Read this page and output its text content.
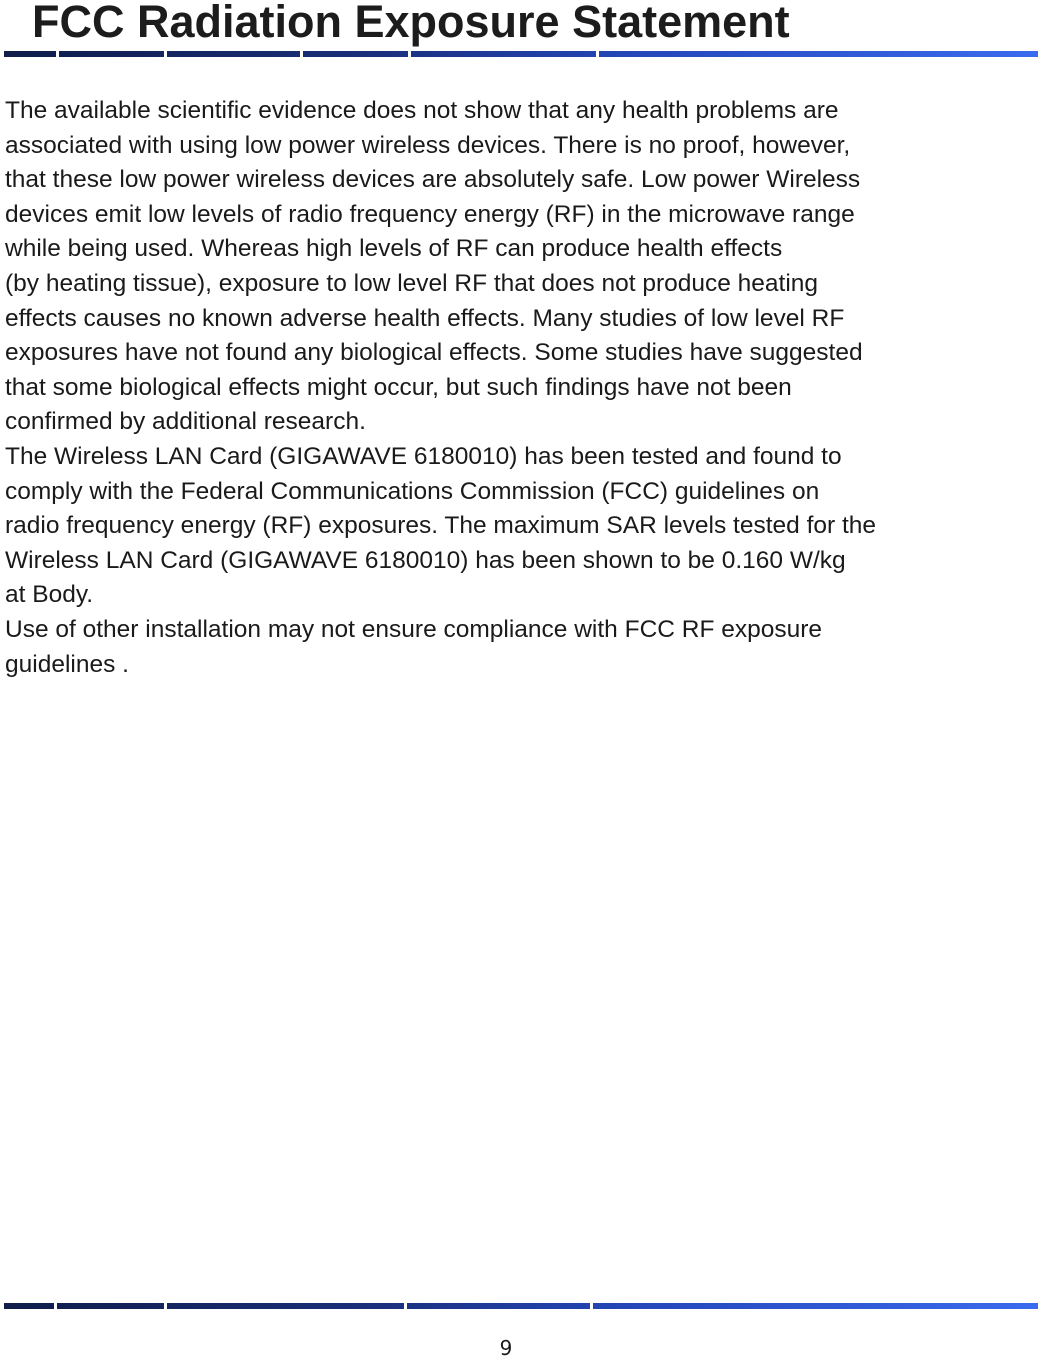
FCC Radiation Exposure Statement
The available scientific evidence does not show that any health problems are
associated with using low power wireless devices. There is no proof, however,
that these low power wireless devices are absolutely safe. Low power Wireless
devices emit low levels of radio frequency energy (RF) in the microwave range
while being used. Whereas high levels of RF can produce health effects
(by heating tissue), exposure to low level RF that does not produce heating
effects causes no known adverse health effects. Many studies of low level RF
exposures have not found any biological effects. Some studies have suggested
that some biological effects might occur, but such findings have not been
confirmed by additional research.
The Wireless LAN Card (GIGAWAVE 6180010) has been tested and found to
comply with the Federal Communications Commission (FCC) guidelines on
radio frequency energy (RF) exposures. The maximum SAR levels tested for the
Wireless LAN Card (GIGAWAVE 6180010) has been shown to be 0.160 W/kg
at Body.
Use of other installation may not ensure compliance with FCC RF exposure
guidelines .
9
